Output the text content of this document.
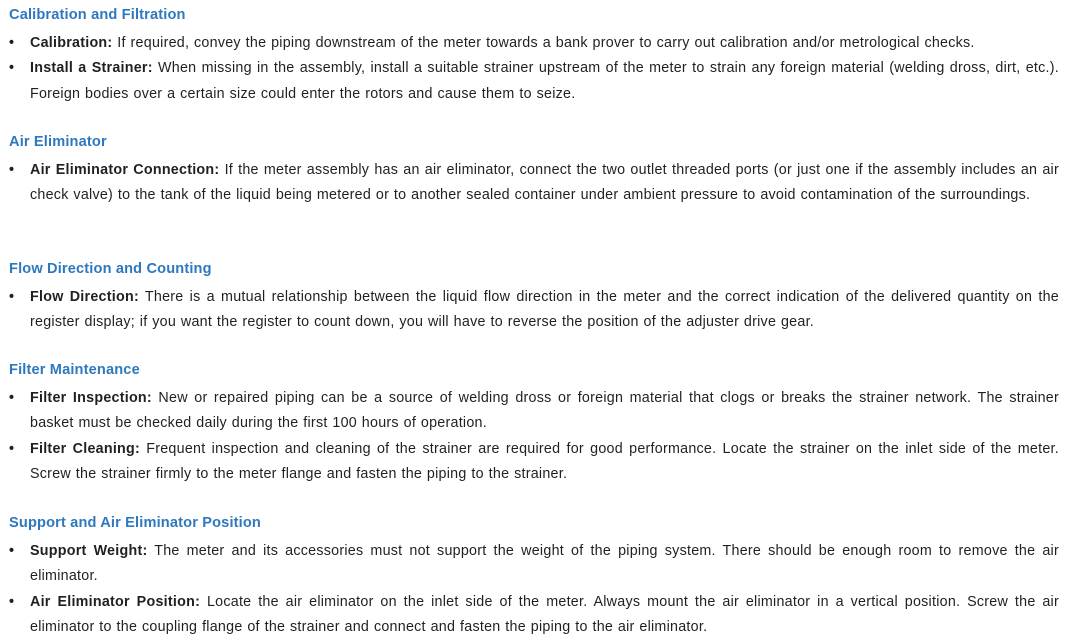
Calibration and Filtration
• Calibration: If required, convey the piping downstream of the meter towards a bank prover to carry out calibration and/or metrological checks.
• Install a Strainer: When missing in the assembly, install a suitable strainer upstream of the meter to strain any foreign material (welding dross, dirt, etc.). Foreign bodies over a certain size could enter the rotors and cause them to seize.
Air Eliminator
• Air Eliminator Connection: If the meter assembly has an air eliminator, connect the two outlet threaded ports (or just one if the assembly includes an air check valve) to the tank of the liquid being metered or to another sealed container under ambient pressure to avoid contamination of the surroundings.
Flow Direction and Counting
• Flow Direction: There is a mutual relationship between the liquid flow direction in the meter and the correct indication of the delivered quantity on the register display; if you want the register to count down, you will have to reverse the position of the adjuster drive gear.
Filter Maintenance
• Filter Inspection: New or repaired piping can be a source of welding dross or foreign material that clogs or breaks the strainer network. The strainer basket must be checked daily during the first 100 hours of operation.
• Filter Cleaning: Frequent inspection and cleaning of the strainer are required for good performance. Locate the strainer on the inlet side of the meter. Screw the strainer firmly to the meter flange and fasten the piping to the strainer.
Support and Air Eliminator Position
• Support Weight: The meter and its accessories must not support the weight of the piping system. There should be enough room to remove the air eliminator.
• Air Eliminator Position: Locate the air eliminator on the inlet side of the meter. Always mount the air eliminator in a vertical position. Screw the air eliminator to the coupling flange of the strainer and connect and fasten the piping to the air eliminator.
